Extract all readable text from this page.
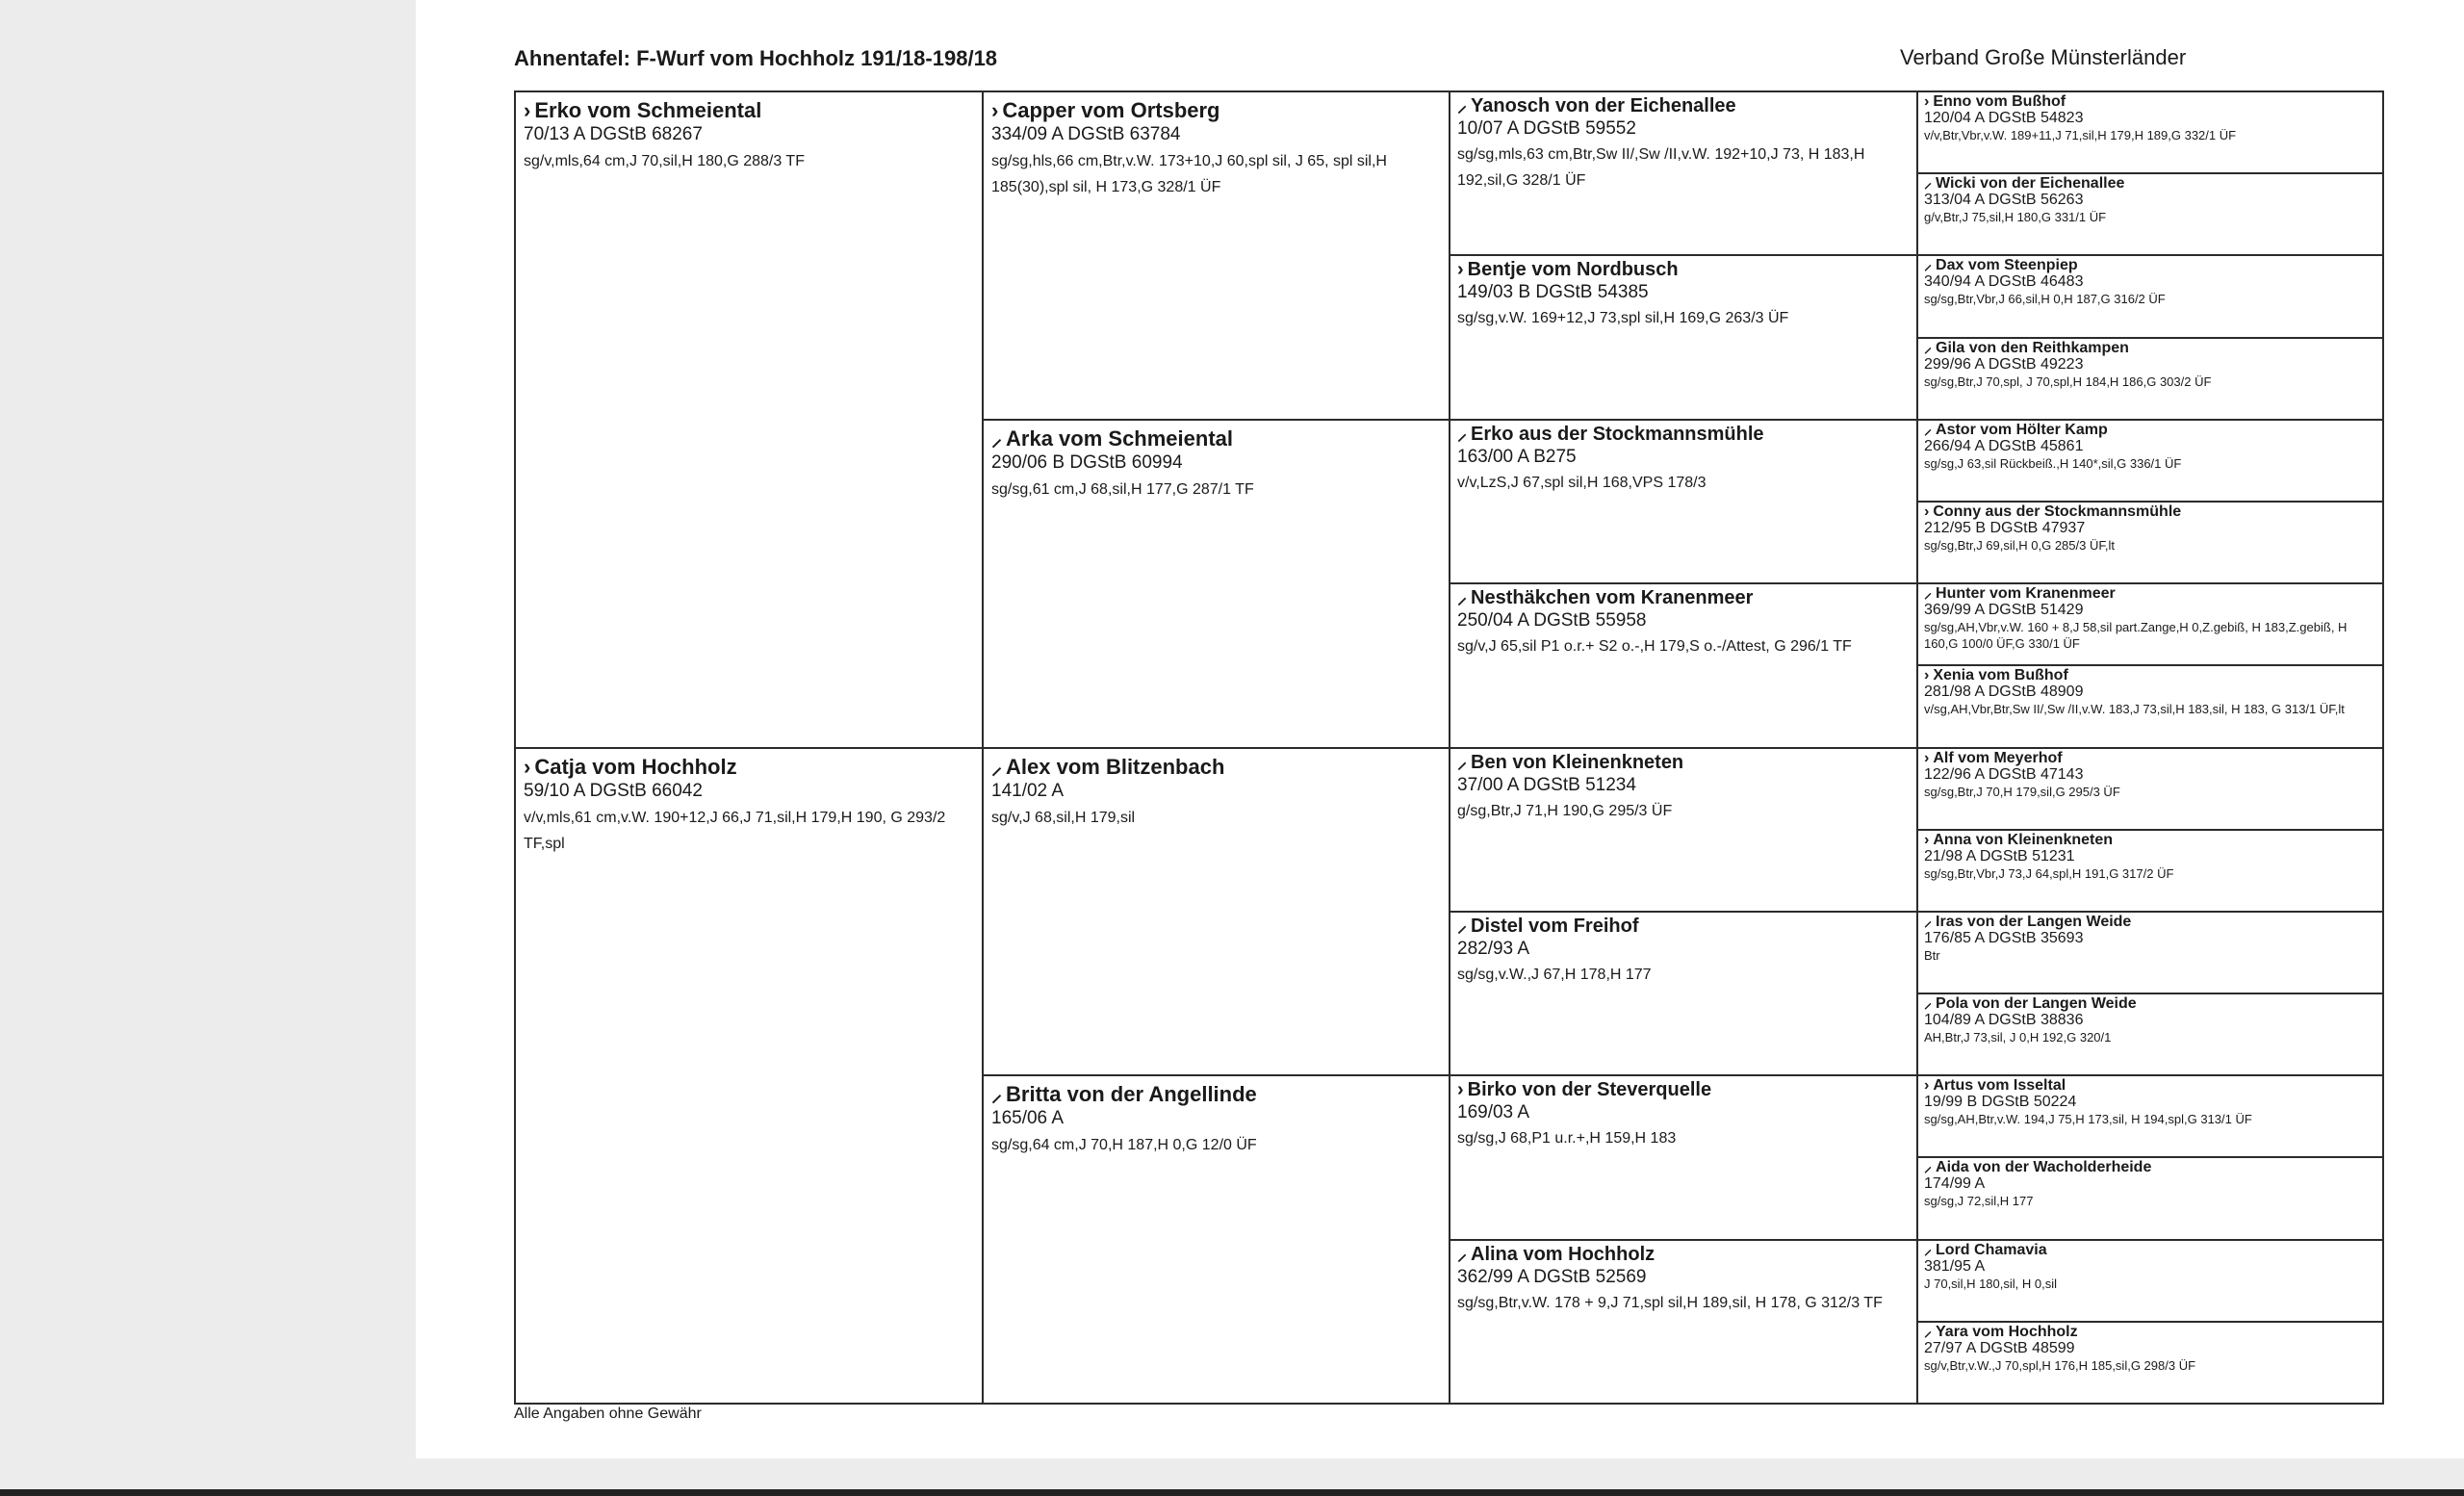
Ahnentafel: F-Wurf vom Hochholz 191/18-198/18	Verband Große Münsterländer
Alle Angaben ohne Gewähr
› Erko vom Schmeiental
70/13 A DGStB 68267
sg/v,mls,64 cm,J 70,sil,H 180,G 288/3 TF
› Catja vom Hochholz
59/10 A DGStB 66042
v/v,mls,61 cm,v.W. 190+12,J 66,J 71,sil,H 179,H 190, G 293/2 TF,spl
› Capper vom Ortsberg
334/09 A DGStB 63784
sg/sg,hls,66 cm,Btr,v.W. 173+10,J 60,spl sil, J 65, spl sil,H 185(30),spl sil, H 173,G 328/1 ÜF
⸝ Arka vom Schmeiental
290/06 B DGStB 60994
sg/sg,61 cm,J 68,sil,H 177,G 287/1 TF
⸝ Alex vom Blitzenbach
141/02 A
sg/v,J 68,sil,H 179,sil
⸝ Britta von der Angellinde
165/06 A
sg/sg,64 cm,J 70,H 187,H 0,G 12/0 ÜF
⸝ Yanosch von der Eichenallee
10/07 A DGStB 59552
sg/sg,mls,63 cm,Btr,Sw II/,Sw /II,v.W. 192+10,J 73, H 183,H 192,sil,G 328/1 ÜF
› Bentje vom Nordbusch
149/03 B DGStB 54385
sg/sg,v.W. 169+12,J 73,spl sil,H 169,G 263/3 ÜF
⸝ Erko aus der Stockmannsmühle
163/00 A B275
v/v,LzS,J 67,spl sil,H 168,VPS 178/3
⸝ Nesthäkchen vom Kranenmeer
250/04 A DGStB 55958
sg/v,J 65,sil P1 o.r.+ S2 o.-,H 179,S o.-/Attest, G 296/1 TF
⸝ Ben von Kleinenkneten
37/00 A DGStB 51234
g/sg,Btr,J 71,H 190,G 295/3 ÜF
⸝ Distel vom Freihof
282/93 A
sg/sg,v.W.,J 67,H 178,H 177
› Birko von der Steverquelle
169/03 A
sg/sg,J 68,P1 u.r.+,H 159,H 183
⸝ Alina vom Hochholz
362/99 A DGStB 52569
sg/sg,Btr,v.W. 178 + 9,J 71,spl sil,H 189,sil, H 178, G 312/3 TF
› Enno vom Bußhof
120/04 A DGStB 54823
v/v,Btr,Vbr,v.W. 189+11,J 71,sil,H 179,H 189,G 332/1 ÜF
⸝ Wicki von der Eichenallee
313/04 A DGStB 56263
g/v,Btr,J 75,sil,H 180,G 331/1 ÜF
⸝ Dax vom Steenpiep
340/94 A DGStB 46483
sg/sg,Btr,Vbr,J 66,sil,H 0,H 187,G 316/2 ÜF
⸝ Gila von den Reithkampen
299/96 A DGStB 49223
sg/sg,Btr,J 70,spl, J 70,spl,H 184,H 186,G 303/2 ÜF
⸝ Astor vom Hölter Kamp
266/94 A DGStB 45861
sg/sg,J 63,sil Rückbeiß.,H 140*,sil,G 336/1 ÜF
› Conny aus der Stockmannsmühle
212/95 B DGStB 47937
sg/sg,Btr,J 69,sil,H 0,G 285/3 ÜF,lt
⸝ Hunter vom Kranenmeer
369/99 A DGStB 51429
sg/sg,AH,Vbr,v.W. 160 + 8,J 58,sil part.Zange,H 0,Z.gebiß, H 183,Z.gebiß, H 160,G 100/0 ÜF,G 330/1 ÜF
› Xenia vom Bußhof
281/98 A DGStB 48909
v/sg,AH,Vbr,Btr,Sw II/,Sw /II,v.W. 183,J 73,sil,H 183,sil, H 183, G 313/1 ÜF,lt
› Alf vom Meyerhof
122/96 A DGStB 47143
sg/sg,Btr,J 70,H 179,sil,G 295/3 ÜF
› Anna von Kleinenkneten
21/98 A DGStB 51231
sg/sg,Btr,Vbr,J 73,J 64,spl,H 191,G 317/2 ÜF
⸝ Iras von der Langen Weide
176/85 A DGStB 35693
Btr
⸝ Pola von der Langen Weide
104/89 A DGStB 38836
AH,Btr,J 73,sil, J 0,H 192,G 320/1
› Artus vom Isseltal
19/99 B DGStB 50224
sg/sg,AH,Btr,v.W. 194,J 75,H 173,sil, H 194,spl,G 313/1 ÜF
⸝ Aida von der Wacholderheide
174/99 A
sg/sg,J 72,sil,H 177
⸝ Lord Chamavia
381/95 A
J 70,sil,H 180,sil, H 0,sil
⸝ Yara vom Hochholz
27/97 A DGStB 48599
sg/v,Btr,v.W.,J 70,spl,H 176,H 185,sil,G 298/3 ÜF
